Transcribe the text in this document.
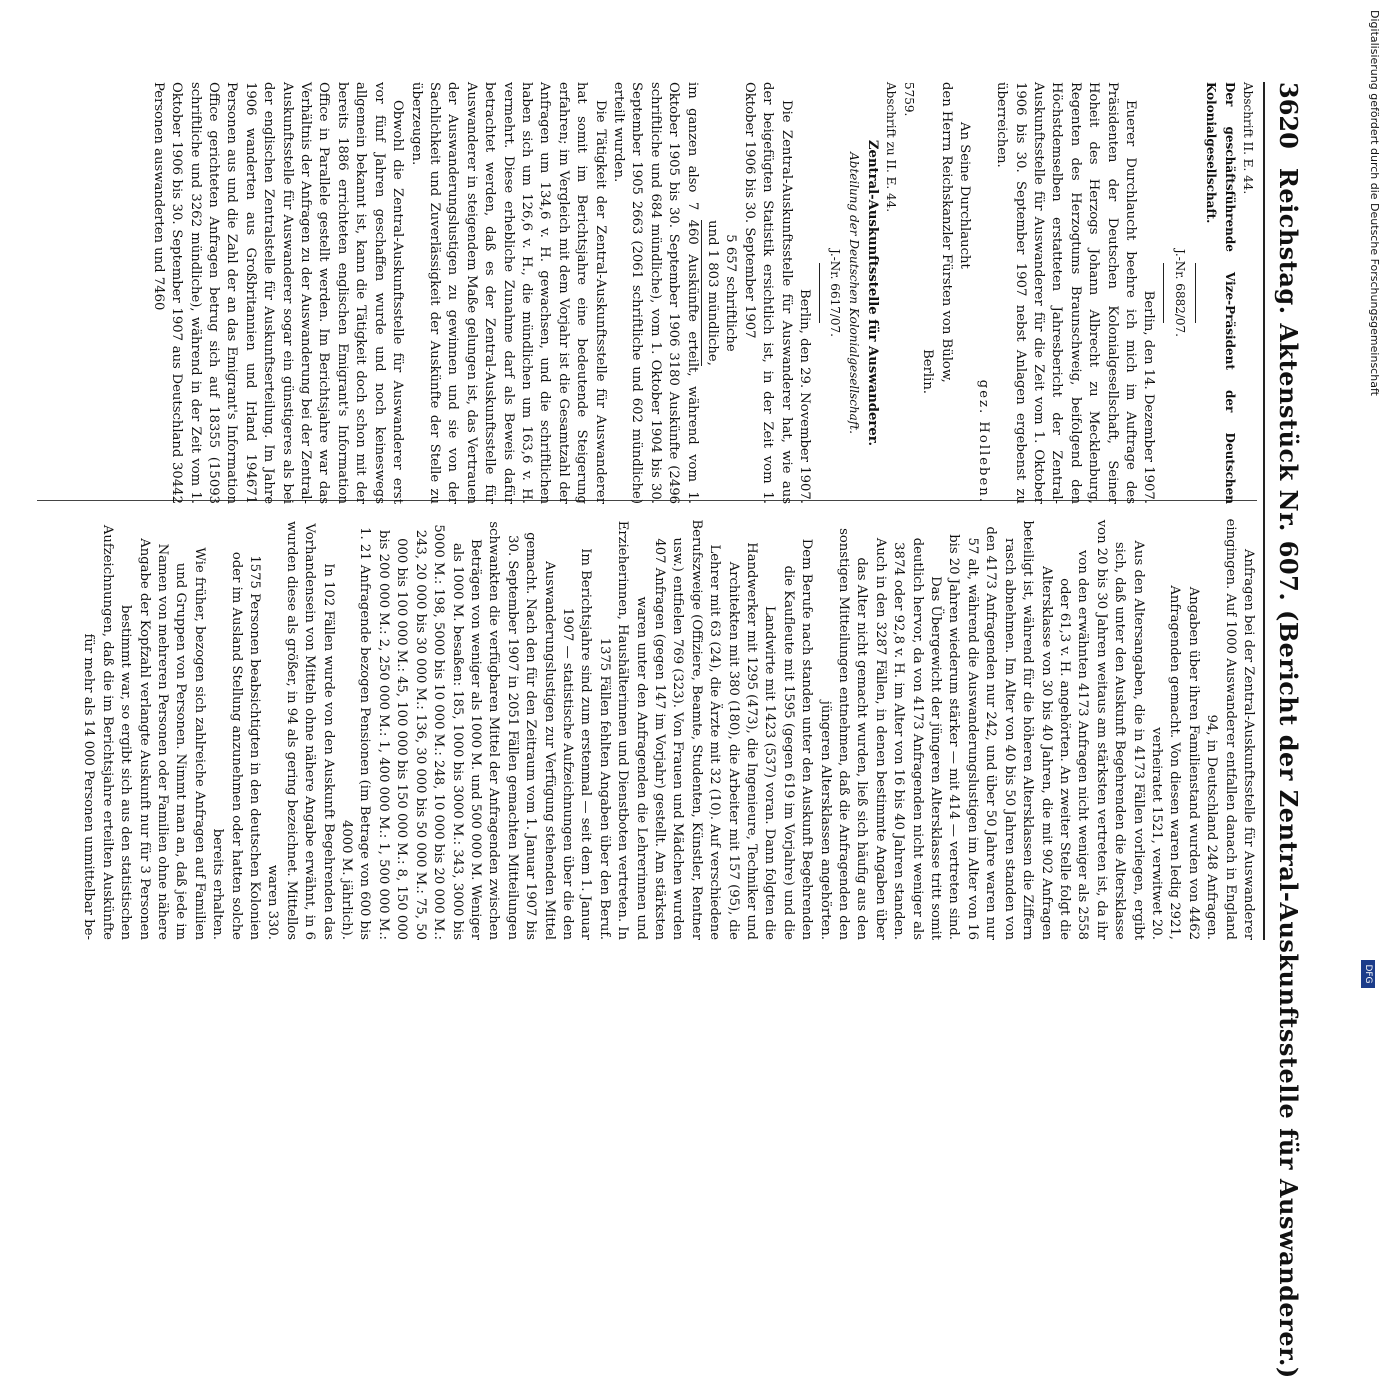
3620 Reichstag. Aktenstück Nr. 607. (Bericht der Zentral-Auskunftsstelle für Auswanderer.)

Abschrift II. E. 44.

Der geschäftsführende Vize-Präsident der Deutschen Kolonialgesellschaft.

J.-Nr. 6882/07.

Berlin, den 14. Dezember 1907.

Euerer Durchlaucht beehre ich mich im Auftrage des Präsidenten der Deutschen Kolonialgesellschaft, Seiner Hoheit des Herzogs Johann Albrecht zu Mecklenburg, Regenten des Herzogtums Braunschweig, beifolgend den Höchstdemselben erstatteten Jahresbericht der Zentral-Auskunftsstelle für Auswanderer für die Zeit vom 1. Oktober 1906 bis 30. September 1907 nebst Anlagen ergebenst zu überreichen.

gez. Holleben.

An Seine Durchlaucht

den Herrn Reichskanzler Fürsten von Bülow,

Berlin.

5759.

Abschrift zu II. E. 44.

Zentral-Auskunftsstelle für Auswanderer.

Abteilung der Deutschen Kolonialgesellschaft.

J.-Nr. 6617/07.

Berlin, den 29. November 1907.

Die Zentral-Auskunftsstelle für Auswanderer hat, wie aus der beigefügten Statistik ersichtlich ist, in der Zeit vom 1. Oktober 1906 bis 30. September 1907

5 657 schriftliche

und 1 803 mündliche,

im ganzen also 7 460 Auskünfte erteilt, während vom 1. Oktober 1905 bis 30. September 1906 3180 Auskünfte (2496 schriftliche und 684 mündliche), vom 1. Oktober 1904 bis 30. September 1905 2663 (2061 schriftliche und 602 mündliche) erteilt wurden.

Die Tätigkeit der Zentral-Auskunftsstelle für Auswanderer hat somit im Berichtsjahre eine bedeutende Steigerung erfahren; im Vergleich mit dem Vorjahr ist die Gesamtzahl der Anfragen um 134,6 v. H. gewachsen, und die schriftlichen haben sich um 126,6 v. H., die mündlichen um 163,6 v. H. vermehrt. Diese erhebliche Zunahme darf als Beweis dafür betrachtet werden, daß es der Zentral-Auskunftsstelle für Auswanderer in steigendem Maße gelungen ist, das Vertrauen der Auswanderungslustigen zu gewinnen und sie von der Sachlichkeit und Zuverlässigkeit der Auskünfte der Stelle zu überzeugen.

Obwohl die Zentral-Auskunftsstelle für Auswanderer erst vor fünf Jahren geschaffen wurde und noch keineswegs allgemein bekannt ist, kann die Tätigkeit doch schon mit der bereits 1886 errichteten englischen Emigrant's Information Office in Parallele gestellt werden. Im Berichtsjahre war das Verhältnis der Anfragen zu der Auswanderung bei der Zentral-Auskunftsstelle für Auswanderer sogar ein günstigeres als bei der englischen Zentralstelle für Auskunftserteilung. Im Jahre 1906 wanderten aus Großbritannien und Irland 194671 Personen aus und die Zahl der an das Emigrant's Information Office gerichteten Anfragen betrug sich auf 18355 (15093 schriftliche und 3262 mündliche), während in der Zeit vom 1. Oktober 1906 bis 30. September 1907 aus Deutschland 30442 Personen auswanderten und 7460

Anfragen bei der Zentral-Auskunftsstelle für Auswanderer eingingen. Auf 1000 Auswanderer entfallen danach in England 94, in Deutschland 248 Anfragen.

Angaben über ihren Familienstand wurden von 4462 Anfragenden gemacht. Von diesen waren ledig 2921, verheiratet 1521, verwitwet 20.

Aus den Altersangaben, die in 4173 Fällen vorliegen, ergibt sich, daß unter den Auskunft Begehrenden die Altersklasse von 20 bis 30 Jahren weitaus am stärksten vertreten ist, da ihr von den erwähnten 4173 Anfragen nicht weniger als 2558 oder 61,3 v. H. angehörten. An zweiter Stelle folgt die Altersklasse von 30 bis 40 Jahren, die mit 902 Anfragen beteiligt ist, während für die höheren Altersklassen die Ziffern rasch abnehmen. Im Alter von 40 bis 50 Jahren standen von den 4173 Anfragenden nur 242, und über 50 Jahre waren nur 57 alt, während die Auswanderungslustigen im Alter von 16 bis 20 Jahren wiederum stärker — mit 414 — vertreten sind. Das Übergewicht der jüngeren Altersklasse tritt somit deutlich hervor, da von 4173 Anfragenden nicht weniger als 3874 oder 92,8 v. H. im Alter von 16 bis 40 Jahren standen. Auch in den 3287 Fällen, in denen bestimmte Angaben über das Alter nicht gemacht wurden, ließ sich häufig aus den sonstigen Mitteilungen entnehmen, daß die Anfragenden den jüngeren Altersklassen angehörten.

Dem Berufe nach standen unter den Auskunft Begehrenden die Kaufleute mit 1595 (gegen 619 im Vorjahre) und die Landwirte mit 1423 (537) voran. Dann folgten die Handwerker mit 1295 (473), die Ingenieure, Techniker und Architekten mit 380 (180), die Arbeiter mit 157 (95), die Lehrer mit 63 (24), die Ärzte mit 32 (10). Auf verschiedene Berufszweige (Offiziere, Beamte, Studenten, Künstler, Rentner usw.) entfielen 769 (323). Von Frauen und Mädchen wurden 407 Anfragen (gegen 147 im Vorjahr) gestellt. Am stärksten waren unter den Anfragenden die Lehrerinnen und Erzieherinnen, Haushälterinnen und Dienstboten vertreten. In 1375 Fällen fehlten Angaben über den Beruf.

Im Berichtsjahre sind zum erstenmal — seit dem 1. Januar 1907 — statistische Aufzeichnungen über die den Auswanderungslustigen zur Verfügung stehenden Mittel gemacht. Nach den für den Zeitraum vom 1. Januar 1907 bis 30. September 1907 in 2051 Fällen gemachten Mitteilungen schwankten die verfügbaren Mittel der Anfragenden zwischen Beträgen von weniger als 1000 M. und 500 000 M. Weniger als 1000 M. besaßen: 185, 1000 bis 3000 M.: 343, 3000 bis 5000 M.: 198, 5000 bis 10 000 M.: 248, 10 000 bis 20 000 M.: 243, 20 000 bis 30 000 M.: 136, 30 000 bis 50 000 M.: 75, 50 000 bis 100 000 M.: 45, 100 000 bis 150 000 M.: 8, 150 000 bis 200 000 M.: 2, 250 000 M.: 1, 400 000 M.: 1, 500 000 M.: 1. 21 Anfragende bezogen Pensionen (im Betrage von 600 bis 4000 M. jährlich).

In 102 Fällen wurde von den Auskunft Begehrenden das Vorhandensein von Mitteln ohne nähere Angabe erwähnt, in 6 wurden diese als größer, in 94 als gering bezeichnet. Mittellos waren 330.

1575 Personen beabsichtigten in den deutschen Kolonien oder im Ausland Stellung anzunehmen oder hatten solche bereits erhalten.

Wie früher, bezogen sich zahlreiche Anfragen auf Familien und Gruppen von Personen. Nimmt man an, daß jede im Namen von mehreren Personen oder Familien ohne nähere Angabe der Kopfzahl verlangte Auskunft nur für 3 Personen bestimmt war, so ergibt sich aus den statistischen Aufzeichnungen, daß die im Berichtsjahre erteilten Auskünfte für mehr als 14 000 Personen unmittelbar be-

Digitalisierung gefördert durch die Deutsche Forschungsgemeinschaft
DFG
